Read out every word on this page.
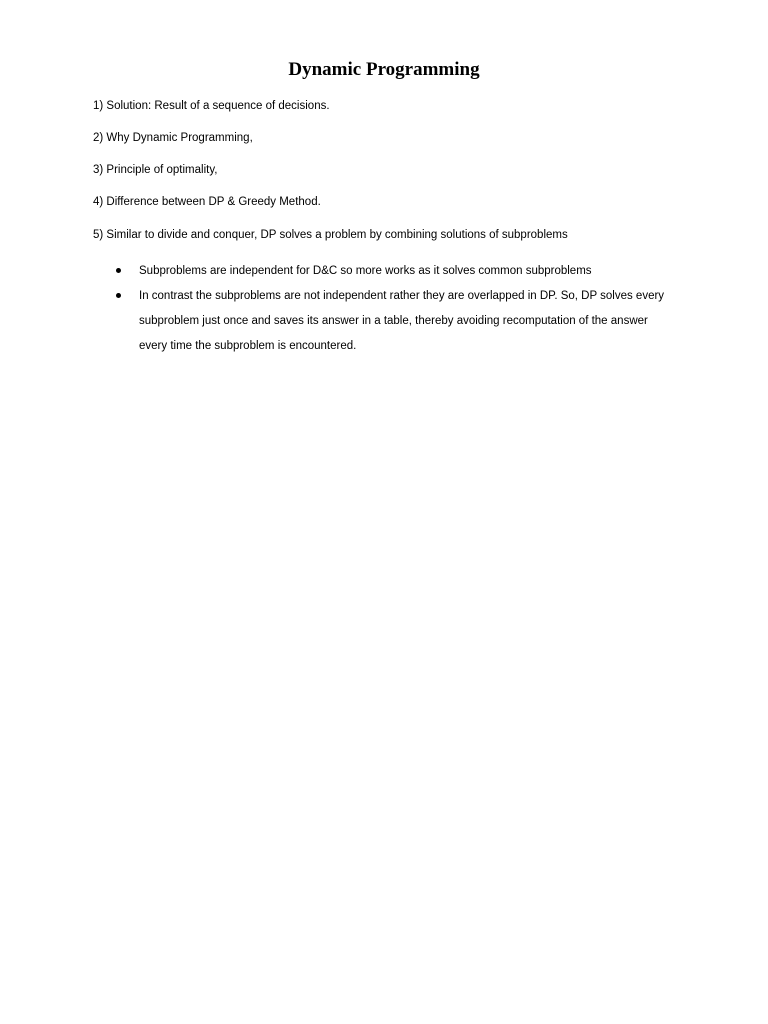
Dynamic Programming

1) Solution: Result of a sequence of decisions.

2) Why Dynamic Programming,

3) Principle of optimality,

4) Difference between DP & Greedy Method.

5) Similar to divide and conquer, DP solves a problem by combining solutions of subproblems

Subproblems are independent for D&C so more works as it solves common subproblems
In contrast the subproblems are not independent rather they are overlapped in DP. So, DP solves every subproblem just once and saves its answer in a table, thereby avoiding recomputation of the answer every time the subproblem is encountered.
